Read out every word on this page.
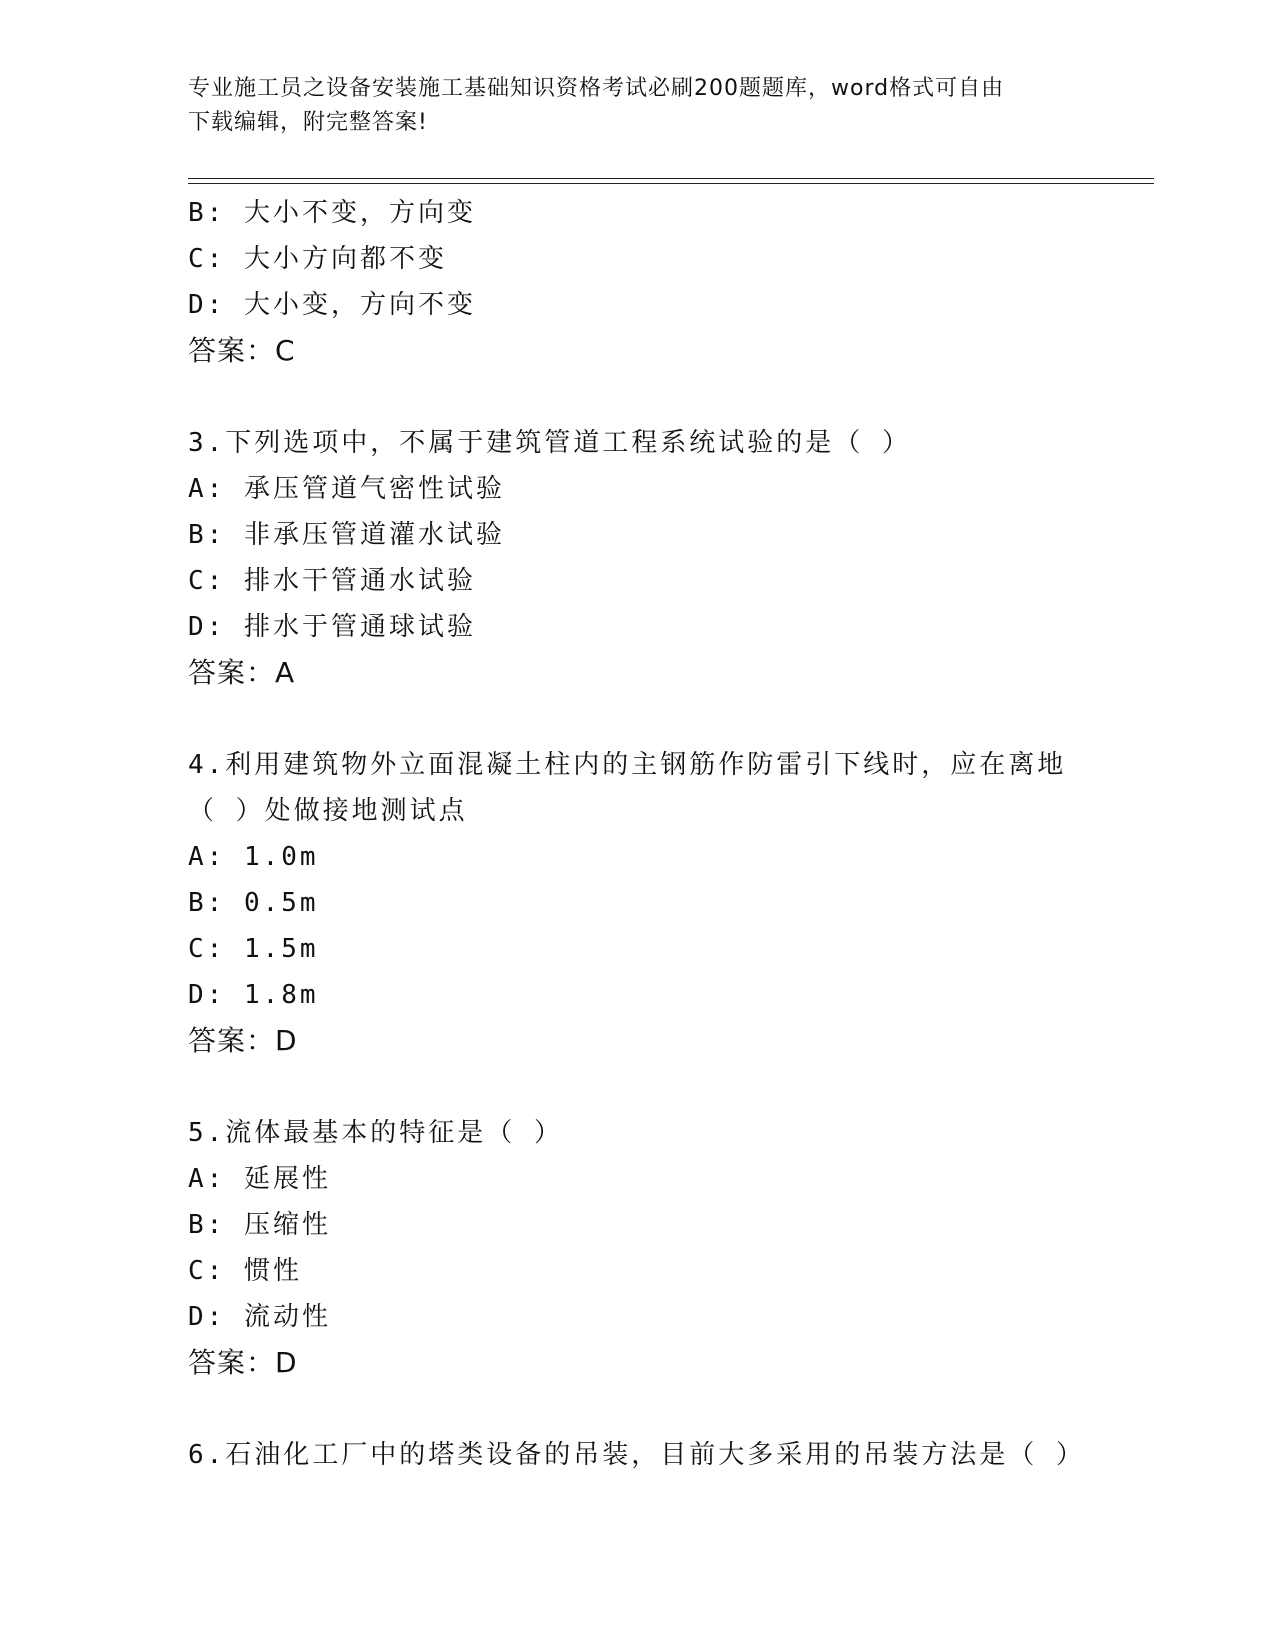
专业施工员之设备安装施工基础知识资格考试必刷200题题库，word格式可自由
下载编辑，附完整答案!
B: 大小不变，方向变
C: 大小方向都不变
D: 大小变，方向不变
答案：C
3.下列选项中，不属于建筑管道工程系统试验的是（ ）
A: 承压管道气密性试验
B: 非承压管道灌水试验
C: 排水干管通水试验
D: 排水于管通球试验
答案：A
4.利用建筑物外立面混凝土柱内的主钢筋作防雷引下线时，应在离地
（ ）处做接地测试点
A: 1.0m
B: 0.5m
C: 1.5m
D: 1.8m
答案：D
5.流体最基本的特征是（ ）
A: 延展性
B: 压缩性
C: 惯性
D: 流动性
答案：D
6.石油化工厂中的塔类设备的吊装，目前大多采用的吊装方法是（ ）
